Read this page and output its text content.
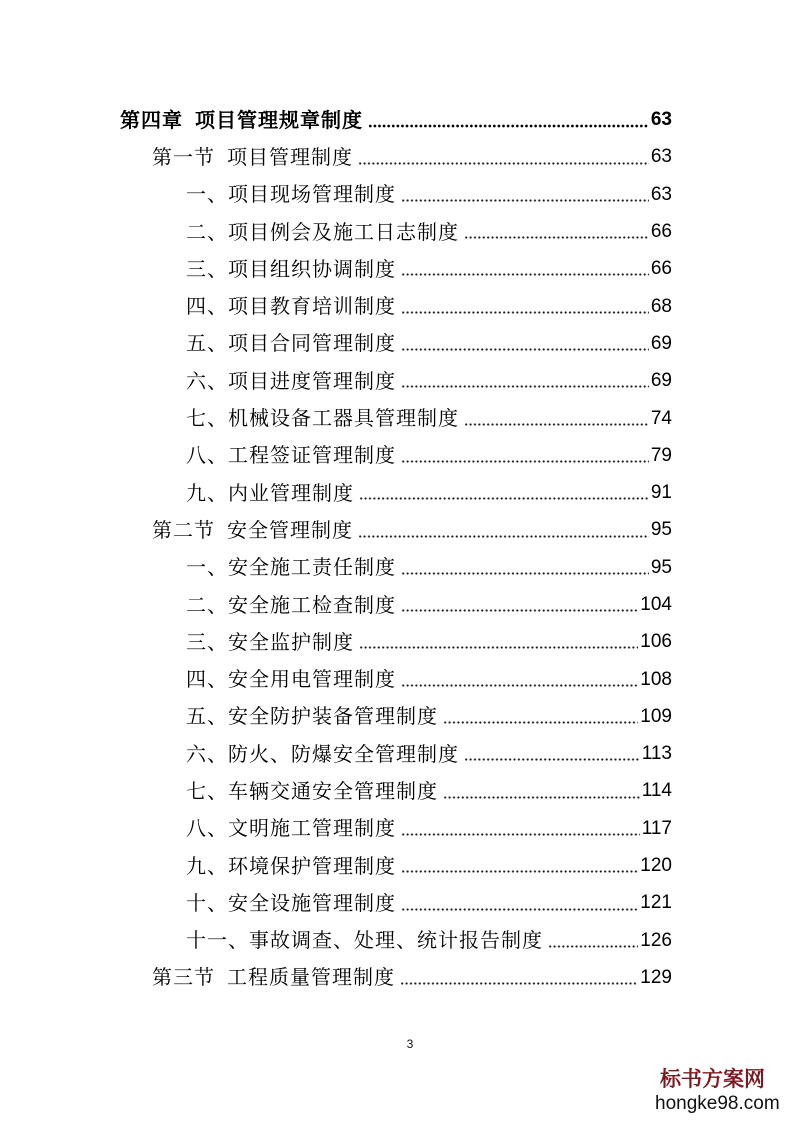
第四章 项目管理规章制度	63
第一节 项目管理制度	63
一、项目现场管理制度	63
二、项目例会及施工日志制度	66
三、项目组织协调制度	66
四、项目教育培训制度	68
五、项目合同管理制度	69
六、项目进度管理制度	69
七、机械设备工器具管理制度	74
八、工程签证管理制度	79
九、内业管理制度	91
第二节 安全管理制度	95
一、安全施工责任制度	95
二、安全施工检查制度	104
三、安全监护制度	106
四、安全用电管理制度	108
五、安全防护装备管理制度	109
六、防火、防爆安全管理制度	113
七、车辆交通安全管理制度	114
八、文明施工管理制度	117
九、环境保护管理制度	120
十、安全设施管理制度	121
十一、事故调查、处理、统计报告制度	126
第三节 工程质量管理制度	129
3
标书方案网
hongke98.com
